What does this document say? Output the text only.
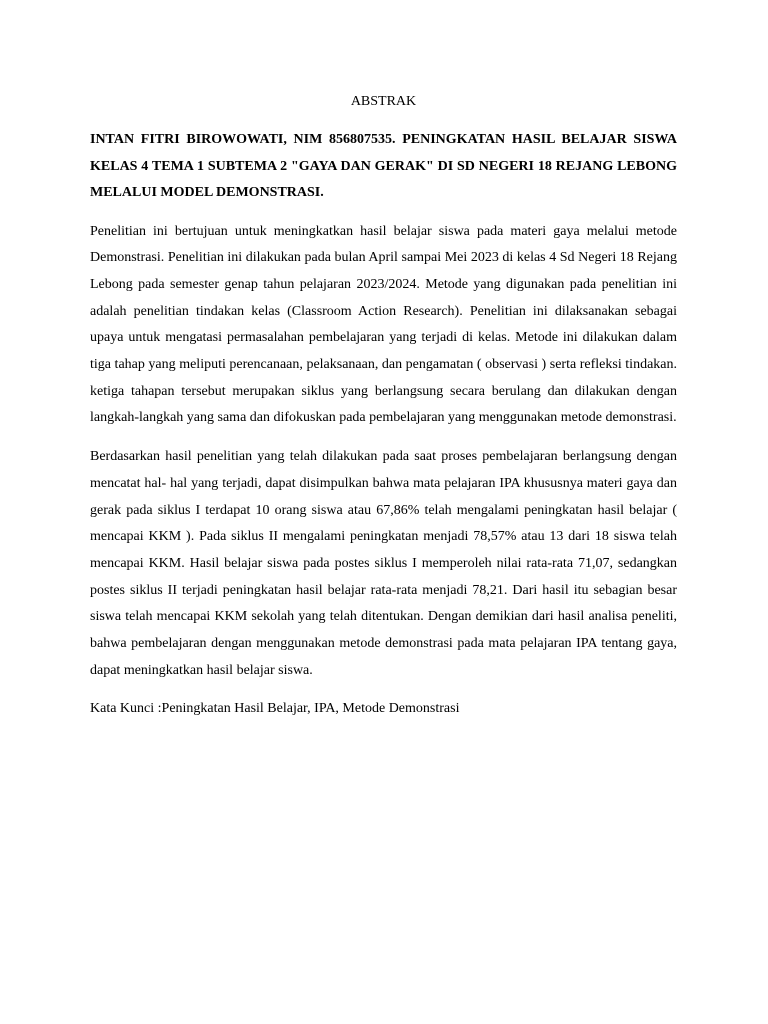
ABSTRAK
INTAN FITRI BIROWOWATI, NIM 856807535. PENINGKATAN HASIL BELAJAR SISWA KELAS 4 TEMA 1 SUBTEMA 2 "GAYA DAN GERAK" DI SD NEGERI 18 REJANG LEBONG MELALUI MODEL DEMONSTRASI.

Penelitian ini bertujuan untuk meningkatkan hasil belajar siswa pada materi gaya melalui metode Demonstrasi. Penelitian ini dilakukan pada bulan April sampai Mei 2023 di kelas 4 Sd Negeri 18 Rejang Lebong pada semester genap tahun pelajaran 2023/2024. Metode yang digunakan pada penelitian ini adalah penelitian tindakan kelas (Classroom Action Research). Penelitian ini dilaksanakan sebagai upaya untuk mengatasi permasalahan pembelajaran yang terjadi di kelas. Metode ini dilakukan dalam tiga tahap yang meliputi perencanaan, pelaksanaan, dan pengamatan ( observasi ) serta refleksi tindakan. ketiga tahapan tersebut merupakan siklus yang berlangsung secara berulang dan dilakukan dengan langkah-langkah yang sama dan difokuskan pada pembelajaran yang menggunakan metode demonstrasi.

Berdasarkan hasil penelitian yang telah dilakukan pada saat proses pembelajaran berlangsung dengan mencatat hal- hal yang terjadi, dapat disimpulkan bahwa mata pelajaran IPA khususnya materi gaya dan gerak pada siklus I terdapat 10 orang siswa atau 67,86% telah mengalami peningkatan hasil belajar ( mencapai KKM ). Pada siklus II mengalami peningkatan menjadi 78,57% atau 13 dari 18 siswa telah mencapai KKM. Hasil belajar siswa pada postes siklus I memperoleh nilai rata-rata 71,07, sedangkan postes siklus II terjadi peningkatan hasil belajar rata-rata menjadi 78,21. Dari hasil itu sebagian besar siswa telah mencapai KKM sekolah yang telah ditentukan. Dengan demikian dari hasil analisa peneliti, bahwa pembelajaran dengan menggunakan metode demonstrasi pada mata pelajaran IPA tentang gaya, dapat meningkatkan hasil belajar siswa.

Kata Kunci :Peningkatan Hasil Belajar, IPA, Metode Demonstrasi
